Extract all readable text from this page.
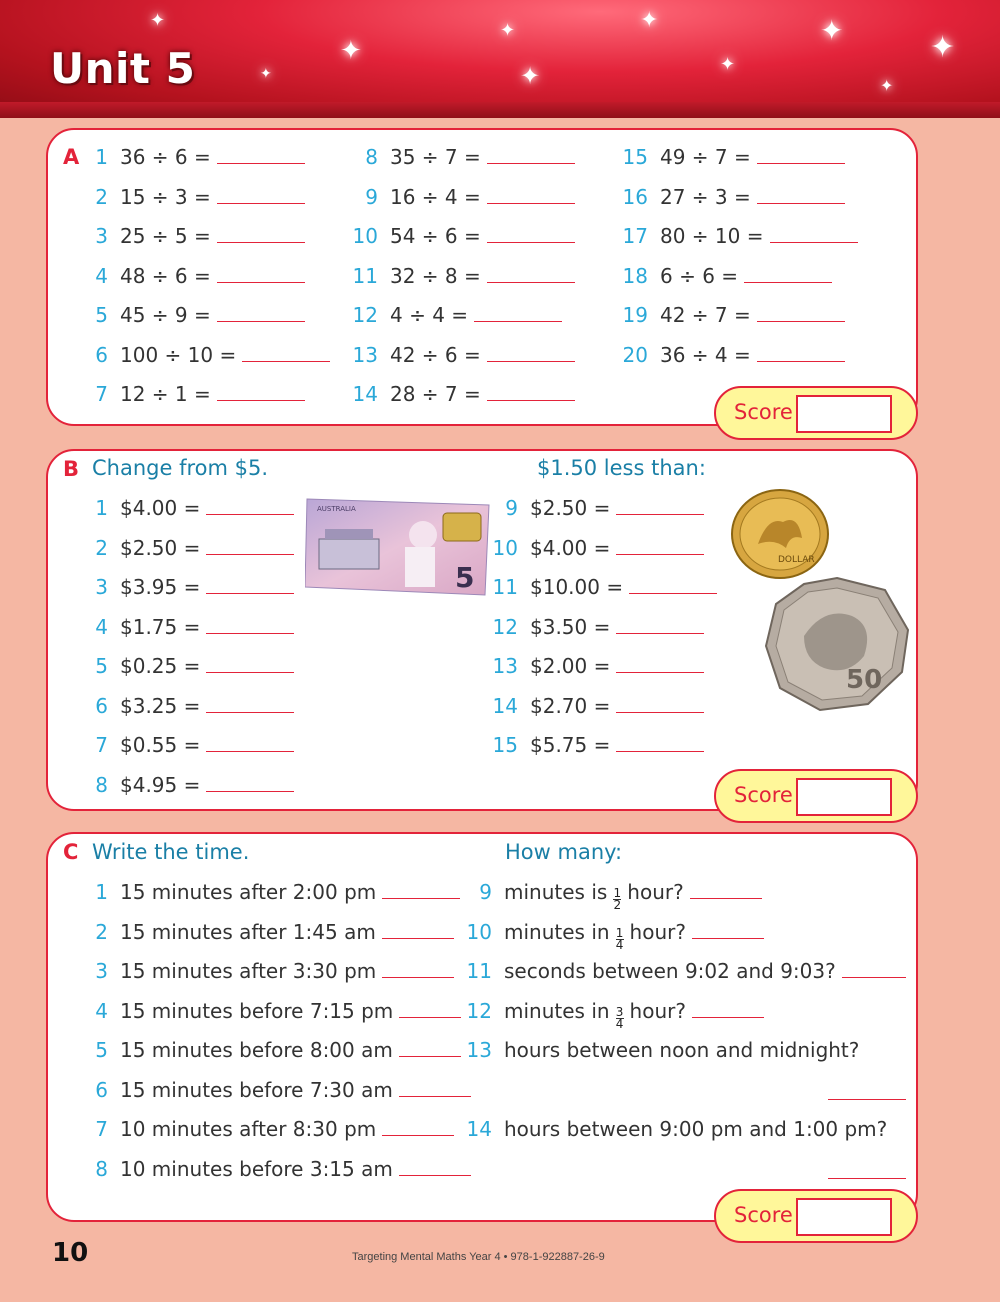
✦
✦
✦
✦
✦
✦
✦	✦
✦
✦
Unit 5
A 1 36 ÷ 6 =
2 15 ÷ 3 =
3 25 ÷ 5 =
4 48 ÷ 6 =
5 45 ÷ 9 =
6 100 ÷ 10 =
7 12 ÷ 1 =
8 35 ÷ 7 =
9 16 ÷ 4 =
10 54 ÷ 6 =
11 32 ÷ 8 =
12 4 ÷ 4 =
13 42 ÷ 6 =
14 28 ÷ 7 =
15 49 ÷ 7 =
16 27 ÷ 3 =
17 80 ÷ 10 =
18 6 ÷ 6 =
19 42 ÷ 7 =
20 36 ÷ 4 =
Score
B Change from $5.	$1.50 less than:
1 $4.00 =
2 $2.50 =
3 $3.95 =
4 $1.75 =
5 $0.25 =
6 $3.25 =
7 $0.55 =
8 $4.95 =
9 $2.50 =
10 $4.00 =
11 $10.00 =
12 $3.50 =
13 $2.00 =
14 $2.70 =
15 $5.75 =
AUSTRALIA
5
DOLLAR
50
Score
C Write the time.	How many:
1 15 minutes after 2:00 pm
2 15 minutes after 1:45 am
3 15 minutes after 3:30 pm
4 15 minutes before 7:15 pm
5 15 minutes before 8:00 am
6 15 minutes before 7:30 am
7 10 minutes after 8:30 pm
8 10 minutes before 3:15 am
9 minutes is $\frac{1}{2}$ hour?
10 minutes in $\frac{1}{4}$ hour?
11 seconds between 9:02 and 9:03?
12 minutes in $\frac{3}{4}$ hour?
13 hours between noon and midnight?
14 hours between 9:00 pm and 1:00 pm?
Score
10	Targeting Mental Maths Year 4 • 978-1-922887-26-9
